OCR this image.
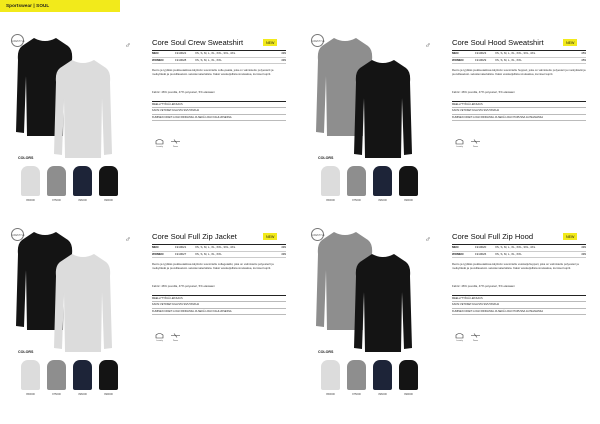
Sportswear | SOUL
LIFESTYLE	♂	Core Soul Crew Sweatshirt	NEW
MEN	1910622	XS, S, M, L, XL, XXL, 3XL, 4XL	499
WOMEN	1910628	XS, S, M, L, XL, XXL	499
Rento ja tyylikäs joukkuetakissa käyttöön suunniteltu colle-paaita, joka on valmistettu polyesterit ja meikyttävät ja puuvillasekoit- sekoitematerialista. Kaksi vetoketjullista sivutaskua, kumiset kuprit.
Fabric: 46% puuvilla, 47% polyesteri, 5% elastaani
MEELLYTTÄVÄ LEIKKAUS
KAKSI VETOKETJULLISTA SIVUTASKUA
KUMINEN CRAFT-LOGO RINNASSA JA SEKÄ LOGO KAULUKSESSA
Laundry	Power
COLORS
950000	975000	396000	999000
LIFESTYLE	♂	Core Soul Hood Sweatshirt	NEW
MEN	1910623	XS, S, M, L, XL, XXL, 3XL, 4XL	459
WOMEN	1910629	XS, S, M, L, XL, XXL	459
Rento ja tyylikäs joukkuetakissa käyttöön suunniteltu huppari, joka on valmistettu polyesteri ja meikyttävät ja puuvillasekoit- sekoitematerialista. Kaksi vetoketjullista sivutaskua, kumiset kuprit.
Fabric: 46% puuvilla, 47% polyesteri, 5% elastaani
MEELLYTTÄVÄ LEIKKAUS
KAKSI VETOKETJULLISTA SIVUTASKUA
KUMINEN CRAFT-LOGO RINNASSA JA SEKÄ LOGO HUPUSSA JA HELMASSA
Laundry	Power
COLORS
950000	975000	396000	999000
LIFESTYLE	♂	Core Soul Full Zip Jacket	NEW
MEN	1910621	XS, S, M, L, XL, XXL, 3XL, 4XL	499
WOMEN	1910627	XS, S, M, L, XL, XXL	499
Rento ja tyylikäs joukkuetakissa käyttöön suunniteltu collegetakki, joka on valmistettu polyesterit ja meikyttävät ja puuvillasekoit- sekoitematerialista. Kaksi vetoketjullista sivutaskua, kumiset kuprit.
Fabric: 46% puuvilla, 47% polyesteri, 5% elastaani
MEELLYTTÄVÄ LEIKKAUS
KAKSI VETOKETJULLISTA SIVUTASKUA
KUMINEN CRAFT-LOGO RINNASSA JA SEKÄ LOGO KAULUKSESSA
Laundry	Power
COLORS
950000	975000	396000	999000
LIFESTYLE	♂	Core Soul Full Zip Hood	NEW
MEN	1910620	XS, S, M, L, XL, XXL, 3XL, 4XL	499
WOMEN	1910626	XS, S, M, L, XL, XXL	499
Rento ja tyylikäs joukkuetakissa käyttöön suunniteltu vetoketjuhuppari, joka on valmistettu polyesteri ja meikyttävät ja puuvillasekoit- sekoitematerialista. Kaksi vetoketjullista sivutaskua, kumiset kuprit.
Fabric: 46% puuvilla, 47% polyesteri, 5% elastaani
MEELLYTTÄVÄ LEIKKAUS
KAKSI VETOKETJULLISTA SIVUTASKUA
KUMINEN CRAFT-LOGO RINNASSA JA SEKÄ LOGO HUPUSSA JA HELMASSA
Laundry	Power
COLORS
950000	975000	396000	999000
